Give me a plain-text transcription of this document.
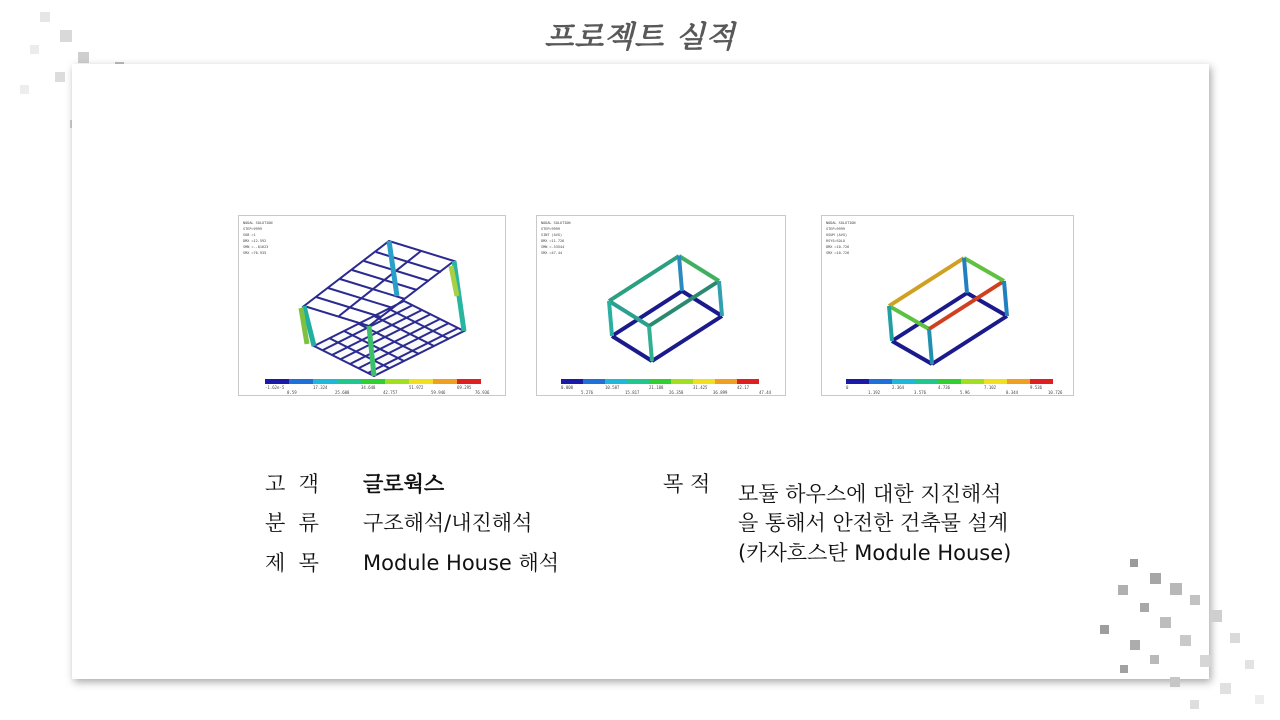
프로젝트 실적
NODAL SOLUTION
STEP=9999
SUB =1
DMX =12.592
SMN =-.01623
SMX =76.935
-1.62e-5	17.324	34.648	51.972	69.295
8.59	25.608	42.757	59.946	76.936
NODAL SOLUTION
STEP=9999
SINT (AVG)
DMX =11.726
SMN =.53544
SMX =47.44
0.000	10.587	21.188	31.425	42.17
5.276	15.817	26.358	36.899	47.44
NODAL SOLUTION
STEP=9999
USUM (AVG)
RSYS=SOLU
DMX =10.726
SMX =10.726
0	2.364	4.736	7.102	9.536
1.192	3.576	5.96	8.344	10.726
고  객 글로웍스
분  류 구조해석/내진해석
제  목 Module House 해석
목 적 모듈 하우스에 대한 지진해석
을 통해서 안전한 건축물 설계
(카자흐스탄 Module House)
